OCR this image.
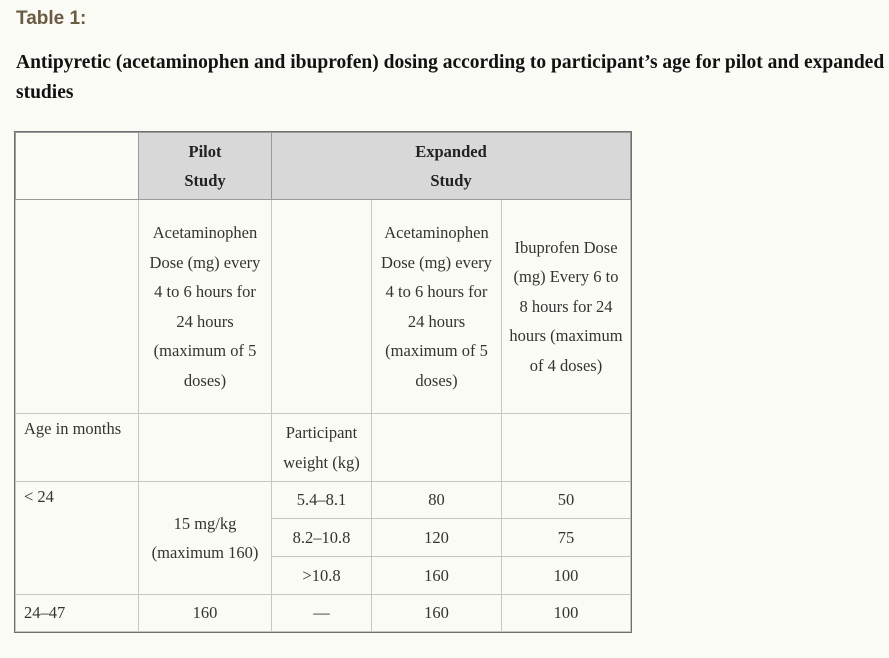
Table 1:
Antipyretic (acetaminophen and ibuprofen) dosing according to participant’s age for pilot and expanded studies
	Pilot Study	Expanded Study		
	Acetaminophen Dose (mg) every 4 to 6 hours for 24 hours (maximum of 5 doses)		Acetaminophen Dose (mg) every 4 to 6 hours for 24 hours (maximum of 5 doses)	Ibuprofen Dose (mg) Every 6 to 8 hours for 24 hours (maximum of 4 doses)
Age in months		Participant weight (kg)		
< 24	15 mg/kg (maximum 160)	5.4–8.1	80	50
		8.2–10.8	120	75
		>10.8	160	100
24–47	160	—	160	100
